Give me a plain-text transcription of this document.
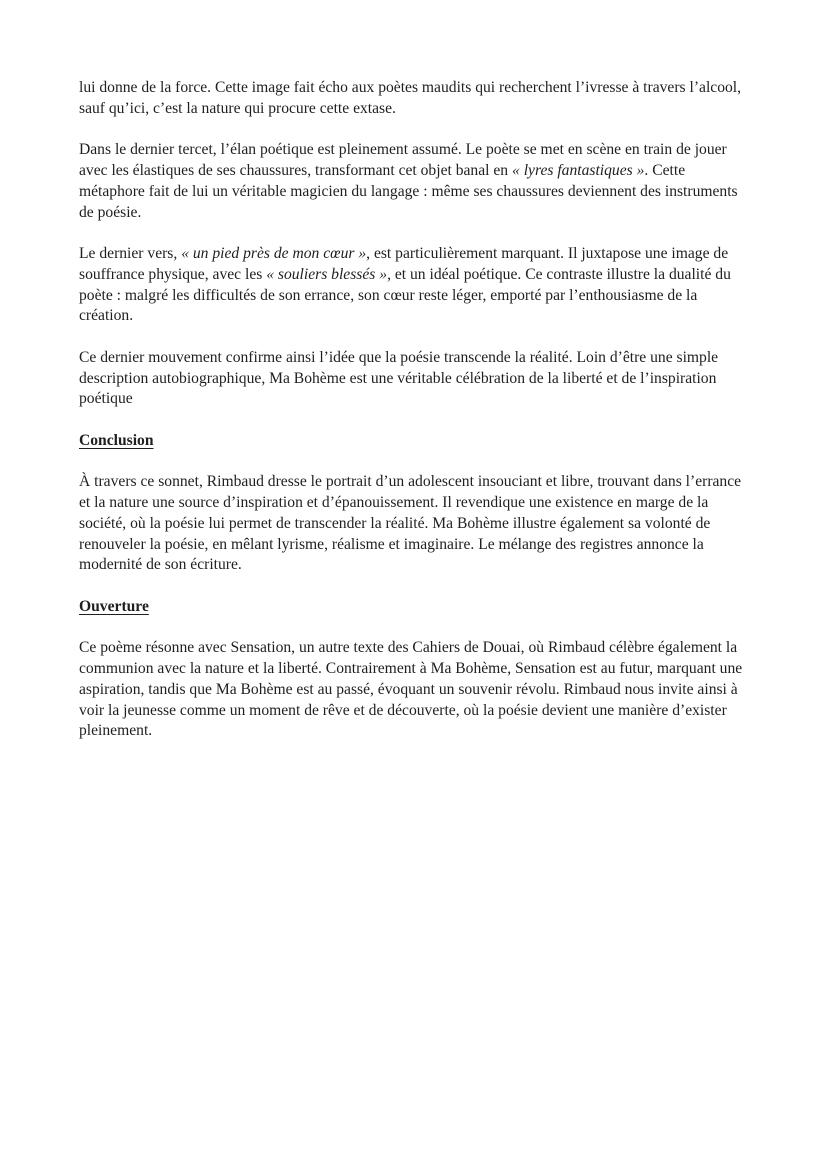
lui donne de la force. Cette image fait écho aux poètes maudits qui recherchent l’ivresse à travers l’alcool, sauf qu’ici, c’est la nature qui procure cette extase.

Dans le dernier tercet, l’élan poétique est pleinement assumé. Le poète se met en scène en train de jouer avec les élastiques de ses chaussures, transformant cet objet banal en « lyres fantastiques ». Cette métaphore fait de lui un véritable magicien du langage : même ses chaussures deviennent des instruments de poésie.

Le dernier vers, « un pied près de mon cœur », est particulièrement marquant. Il juxtapose une image de souffrance physique, avec les « souliers blessés », et un idéal poétique. Ce contraste illustre la dualité du poète : malgré les difficultés de son errance, son cœur reste léger, emporté par l’enthousiasme de la création.

Ce dernier mouvement confirme ainsi l’idée que la poésie transcende la réalité. Loin d’être une simple description autobiographique, Ma Bohème est une véritable célébration de la liberté et de l’inspiration poétique

Conclusion

À travers ce sonnet, Rimbaud dresse le portrait d’un adolescent insouciant et libre, trouvant dans l’errance et la nature une source d’inspiration et d’épanouissement. Il revendique une existence en marge de la société, où la poésie lui permet de transcender la réalité. Ma Bohème illustre également sa volonté de renouveler la poésie, en mêlant lyrisme, réalisme et imaginaire. Le mélange des registres annonce la modernité de son écriture.

Ouverture

Ce poème résonne avec Sensation, un autre texte des Cahiers de Douai, où Rimbaud célèbre également la communion avec la nature et la liberté. Contrairement à Ma Bohème, Sensation est au futur, marquant une aspiration, tandis que Ma Bohème est au passé, évoquant un souvenir révolu. Rimbaud nous invite ainsi à voir la jeunesse comme un moment de rêve et de découverte, où la poésie devient une manière d’exister pleinement.
